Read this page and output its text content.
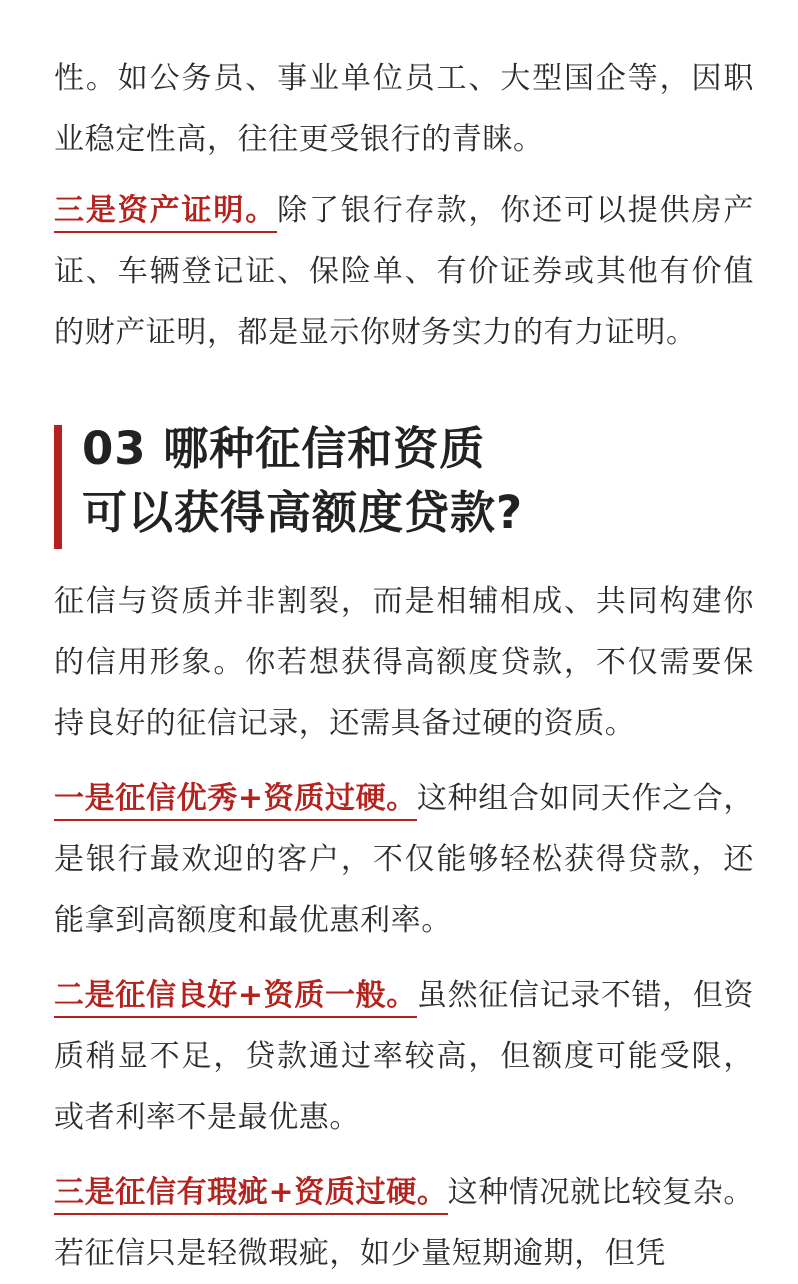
性。如公务员、事业单位员工、大型国企等，因职业稳定性高，往往更受银行的青睐。

三是资产证明。除了银行存款，你还可以提供房产证、车辆登记证、保险单、有价证券或其他有价值的财产证明，都是显示你财务实力的有力证明。

03 哪种征信和资质
可以获得高额度贷款?

征信与资质并非割裂，而是相辅相成、共同构建你的信用形象。你若想获得高额度贷款，不仅需要保持良好的征信记录，还需具备过硬的资质。

一是征信优秀+资质过硬。这种组合如同天作之合，是银行最欢迎的客户，不仅能够轻松获得贷款，还能拿到高额度和最优惠利率。

二是征信良好+资质一般。虽然征信记录不错，但资质稍显不足，贷款通过率较高，但额度可能受限，或者利率不是最优惠。

三是征信有瑕疵+资质过硬。这种情况就比较复杂。若征信只是轻微瑕疵，如少量短期逾期，但凭
